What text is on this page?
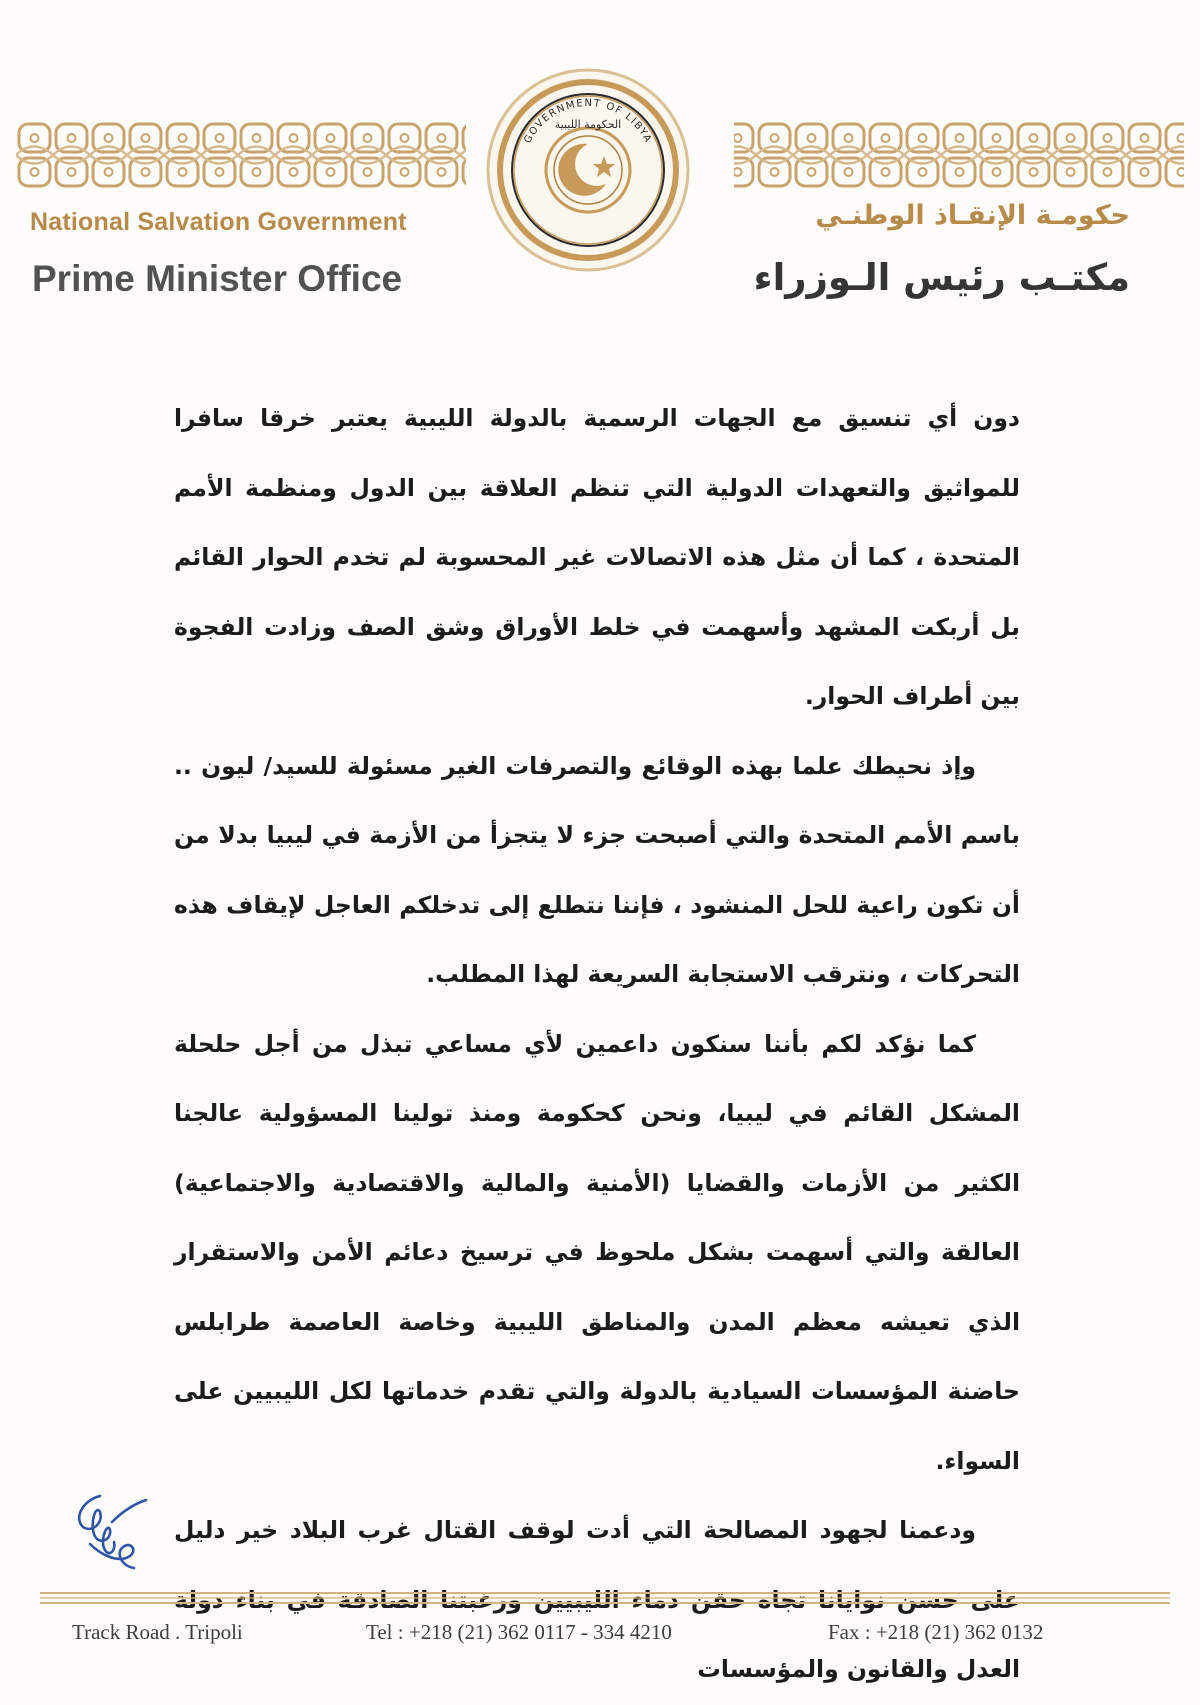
GOVERNMENT OF LIBYA
الحكومة الليبية
National Salvation Government
Prime Minister Office
حكومـة الإنقـاذ الوطنـي
مكتـب رئيس الـوزراء

دون أي تنسيق مع الجهات الرسمية بالدولة الليبية يعتبر خرقا سافرا للمواثيق والتعهدات الدولية التي تنظم العلاقة بين الدول ومنظمة الأمم المتحدة ، كما أن مثل هذه الاتصالات غير المحسوبة لم تخدم الحوار القائم بل أربكت المشهد وأسهمت في خلط الأوراق وشق الصف وزادت الفجوة بين أطراف الحوار.

وإذ نحيطك علما بهذه الوقائع والتصرفات الغير مسئولة للسيد/ ليون .. باسم الأمم المتحدة والتي أصبحت جزء لا يتجزأ من الأزمة في ليبيا بدلا من أن تكون راعية للحل المنشود ، فإننا نتطلع إلى تدخلكم العاجل لإيقاف هذه التحركات ، ونترقب الاستجابة السريعة لهذا المطلب.

كما نؤكد لكم بأننا سنكون داعمين لأي مساعي تبذل من أجل حلحلة المشكل القائم في ليبيا، ونحن كحكومة ومنذ تولينا المسؤولية عالجنا الكثير من الأزمات والقضايا (الأمنية والمالية والاقتصادية والاجتماعية) العالقة والتي أسهمت بشكل ملحوظ في ترسيخ دعائم الأمن والاستقرار الذي تعيشه معظم المدن والمناطق الليبية وخاصة العاصمة طرابلس حاضنة المؤسسات السيادية بالدولة والتي تقدم خدماتها لكل الليبيين على السواء.

ودعمنا لجهود المصالحة التي أدت لوقف القتال غرب البلاد خير دليل على حسن نوايانا تجاه حقن دماء الليبيين ورغبتنا الصادقة في بناء دولة العدل والقانون والمؤسسات

Track Road . Tripoli	Tel : +218 (21) 362 0117 - 334 4210	Fax : +218 (21) 362 0132
